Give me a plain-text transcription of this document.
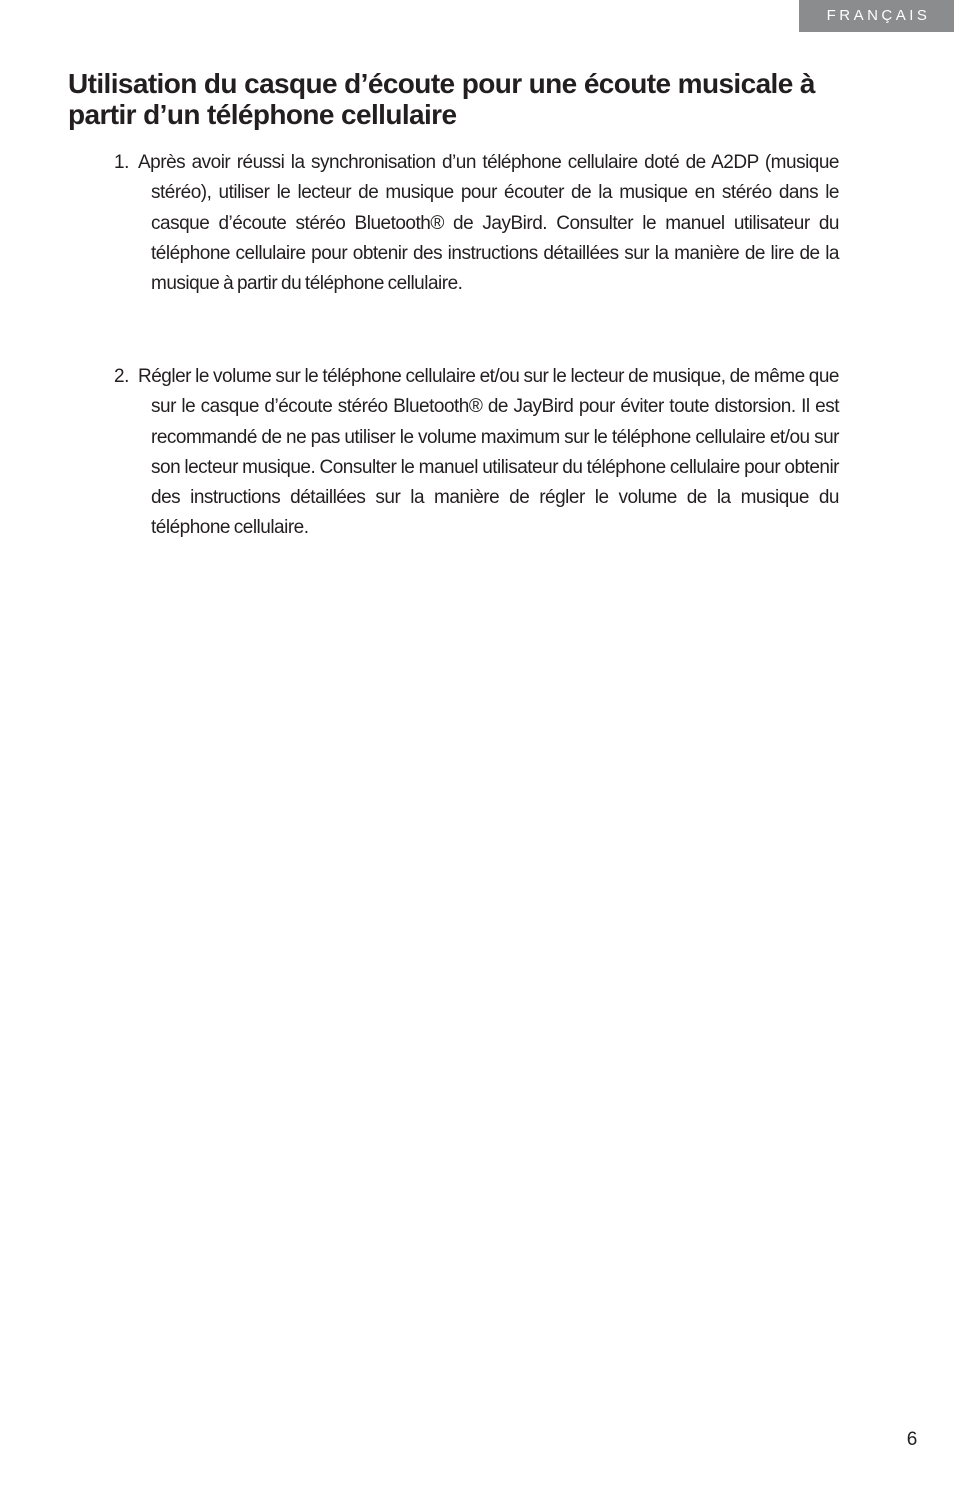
FRANÇAIS
Utilisation du casque d’écoute pour une écoute musicale à partir d’un téléphone cellulaire
1. Après avoir réussi la synchronisation d’un téléphone cellulaire doté de A2DP (musique stéréo), utiliser le lecteur de musique pour écouter de la musique en stéréo dans le casque d’écoute stéréo Bluetooth® de JayBird. Consulter le manuel utilisateur du téléphone cellulaire pour obtenir des instructions détaillées sur la manière de lire de la musique à partir du téléphone cellulaire.
2. Régler le volume sur le téléphone cellulaire et/ou sur le lecteur de musique, de même que sur le casque d’écoute stéréo Bluetooth® de JayBird pour éviter toute distorsion. Il est recommandé de ne pas utiliser le volume maximum sur le téléphone cellulaire et/ou sur son lecteur musique. Consulter le manuel utilisateur du téléphone cellulaire pour obtenir des instructions détaillées sur la manière de régler le volume de la musique du téléphone cellulaire.
6
